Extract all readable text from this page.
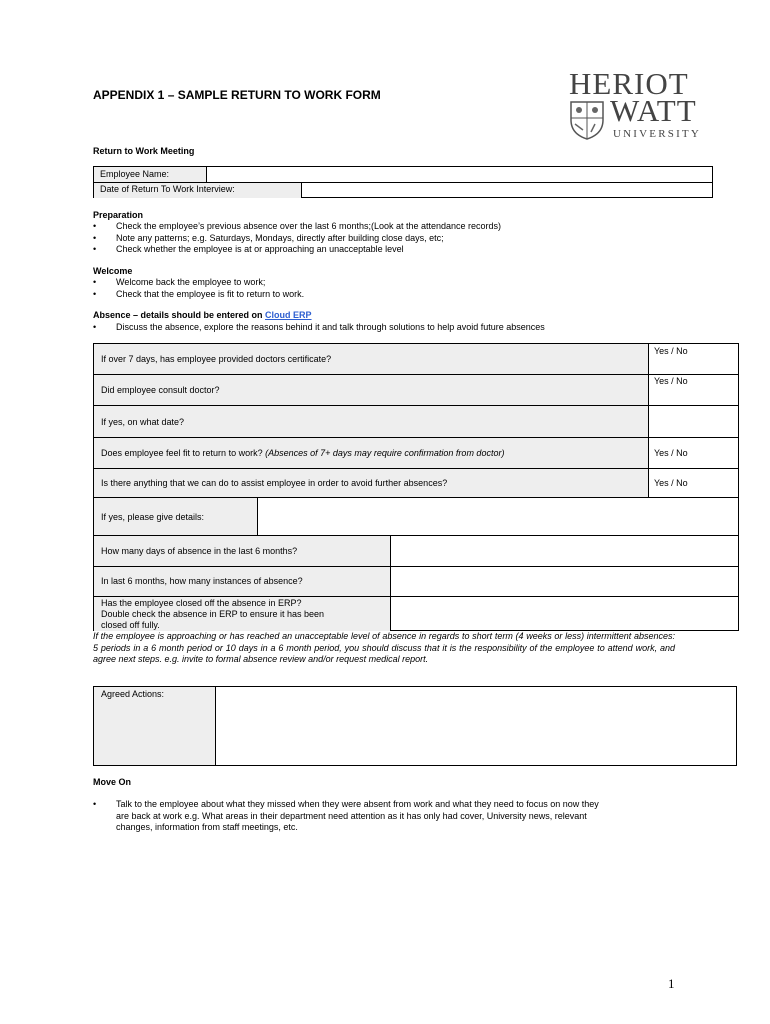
APPENDIX 1 – SAMPLE RETURN TO WORK FORM	HERIOT
WATT
UNIVERSITY
Return to Work Meeting
Employee Name:
Date of Return To Work Interview:
Preparation
• Check the employee’s previous absence over the last 6 months;(Look at the attendance records)
• Note any patterns; e.g. Saturdays, Mondays, directly after building close days, etc;
• Check whether the employee is at or approaching an unacceptable level
Welcome
• Welcome back the employee to work;
• Check that the employee is fit to return to work.
Absence – details should be entered on Cloud ERP
• Discuss the absence, explore the reasons behind it and talk through solutions to help avoid future absences
If over 7 days, has employee provided doctors certificate?
Yes / No
Did employee consult doctor?
Yes / No
If yes, on what date?
Does employee feel fit to return to work? (Absences of 7+ days may require confirmation from doctor)	Yes / No
Is there anything that we can do to assist employee in order to avoid further absences?	Yes / No
If yes, please give details:
How many days of absence in the last 6 months?
In last 6 months, how many instances of absence?
Has the employee closed off the absence in ERP?
Double check the absence in ERP to ensure it has been
closed off fully.
If the employee is approaching or has reached an unacceptable level of absence in regards to short term (4 weeks or less) intermittent absences: 5 periods in a 6 month period or 10 days in a 6 month period, you should discuss that it is the responsibility of the employee to attend work, and agree next steps. e.g. invite to formal absence review and/or request medical report.
Agreed Actions:
Move On
• Talk to the employee about what they missed when they were absent from work and what they need to focus on now they
are back at work e.g. What areas in their department need attention as it has only had cover, University news, relevant
changes, information from staff meetings, etc.
1
